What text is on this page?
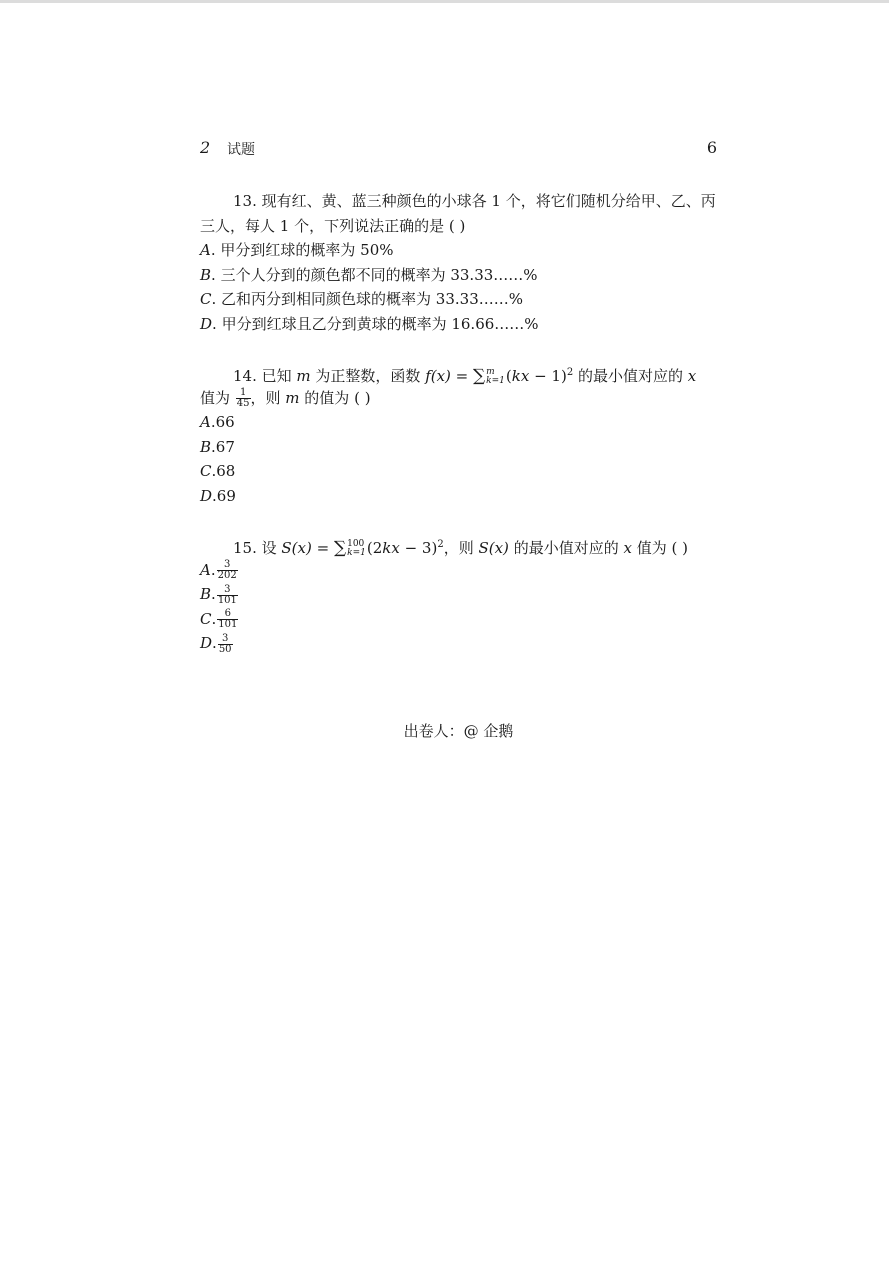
2 试题	6
13. 现有红、黄、蓝三种颜色的小球各 1 个，将它们随机分给甲、乙、丙
三人，每人 1 个，下列说法正确的是 ( )
A. 甲分到红球的概率为 50%
B. 三个人分到的颜色都不同的概率为 33.33……%
C. 乙和丙分到相同颜色球的概率为 33.33……%
D. 甲分到红球且乙分到黄球的概率为 16.66……%
14. 已知 m 为正整数，函数 f(x) = ∑ m
k=1 (kx − 1)$^2$ 的最小值对应的 x
值为 $\frac{1}{45}$ ，则 m 的值为 ( )
A.66
B.67
C.68
D.69
15. 设 S(x) = ∑ 100
k=1 $(2kx - 3)^2$，则 S(x) 的最小值对应的 x 值为 ( )
A. $\frac{3}{202}$
B. $\frac{3}{101}$
C. $\frac{6}{101}$
D. $\frac{3}{50}$
出卷人：@ 企鹅
